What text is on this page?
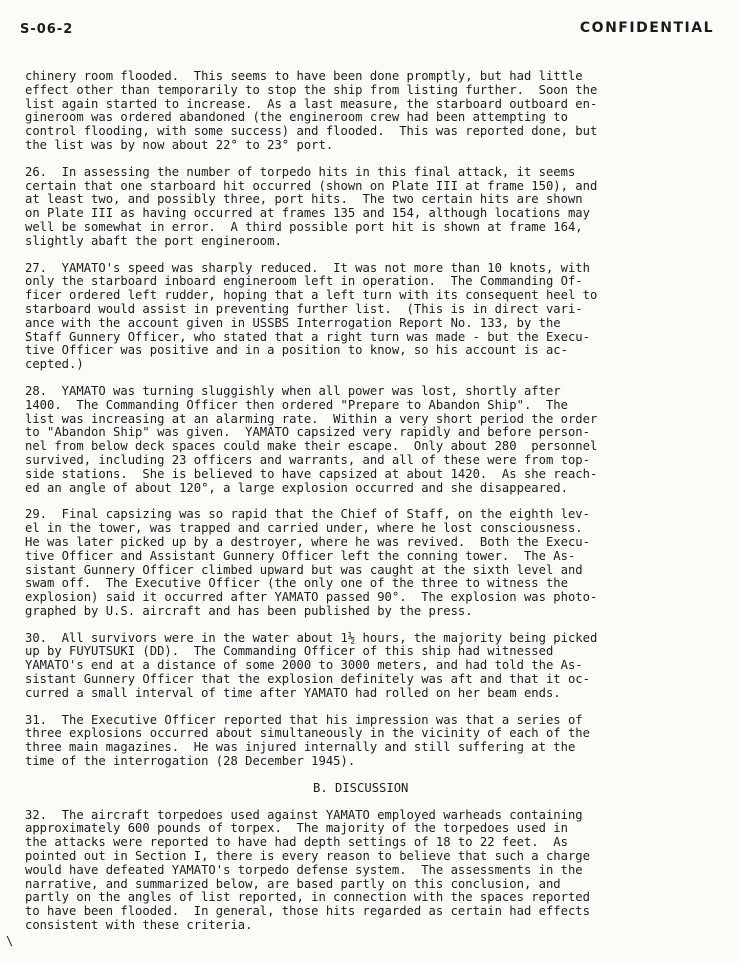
S-06-2	CONFIDENTIAL

chinery room flooded.  This seems to have been done promptly, but had little
effect other than temporarily to stop the ship from listing further.  Soon the
list again started to increase.  As a last measure, the starboard outboard en-
gineroom was ordered abandoned (the engineroom crew had been attempting to
control flooding, with some success) and flooded.  This was reported done, but
the list was by now about 22° to 23° port.

26.  In assessing the number of torpedo hits in this final attack, it seems
certain that one starboard hit occurred (shown on Plate III at frame 150), and
at least two, and possibly three, port hits.  The two certain hits are shown
on Plate III as having occurred at frames 135 and 154, although locations may
well be somewhat in error.  A third possible port hit is shown at frame 164,
slightly abaft the port engineroom.

27.  YAMATO's speed was sharply reduced.  It was not more than 10 knots, with
only the starboard inboard engineroom left in operation.  The Commanding Of-
ficer ordered left rudder, hoping that a left turn with its consequent heel to
starboard would assist in preventing further list.  (This is in direct vari-
ance with the account given in USSBS Interrogation Report No. 133, by the
Staff Gunnery Officer, who stated that a right turn was made - but the Execu-
tive Officer was positive and in a position to know, so his account is ac-
cepted.)

28.  YAMATO was turning sluggishly when all power was lost, shortly after
1400.  The Commanding Officer then ordered "Prepare to Abandon Ship".  The
list was increasing at an alarming rate.  Within a very short period the order
to "Abandon Ship" was given.  YAMATO capsized very rapidly and before person-
nel from below deck spaces could make their escape.  Only about 280  personnel
survived, including 23 officers and warrants, and all of these were from top-
side stations.  She is believed to have capsized at about 1420.  As she reach-
ed an angle of about 120°, a large explosion occurred and she disappeared.

29.  Final capsizing was so rapid that the Chief of Staff, on the eighth lev-
el in the tower, was trapped and carried under, where he lost consciousness.
He was later picked up by a destroyer, where he was revived.  Both the Execu-
tive Officer and Assistant Gunnery Officer left the conning tower.  The As-
sistant Gunnery Officer climbed upward but was caught at the sixth level and
swam off.  The Executive Officer (the only one of the three to witness the
explosion) said it occurred after YAMATO passed 90°.  The explosion was photo-
graphed by U.S. aircraft and has been published by the press.

30.  All survivors were in the water about 1½ hours, the majority being picked
up by FUYUTSUKI (DD).  The Commanding Officer of this ship had witnessed
YAMATO's end at a distance of some 2000 to 3000 meters, and had told the As-
sistant Gunnery Officer that the explosion definitely was aft and that it oc-
curred a small interval of time after YAMATO had rolled on her beam ends.

31.  The Executive Officer reported that his impression was that a series of
three explosions occurred about simultaneously in the vicinity of each of the
three main magazines.  He was injured internally and still suffering at the
time of the interrogation (28 December 1945).

B. DISCUSSION

32.  The aircraft torpedoes used against YAMATO employed warheads containing
approximately 600 pounds of torpex.  The majority of the torpedoes used in
the attacks were reported to have had depth settings of 18 to 22 feet.  As
pointed out in Section I, there is every reason to believe that such a charge
would have defeated YAMATO's torpedo defense system.  The assessments in the
narrative, and summarized below, are based partly on this conclusion, and
partly on the angles of list reported, in connection with the spaces reported
to have been flooded.  In general, those hits regarded as certain had effects
consistent with these criteria.

\
